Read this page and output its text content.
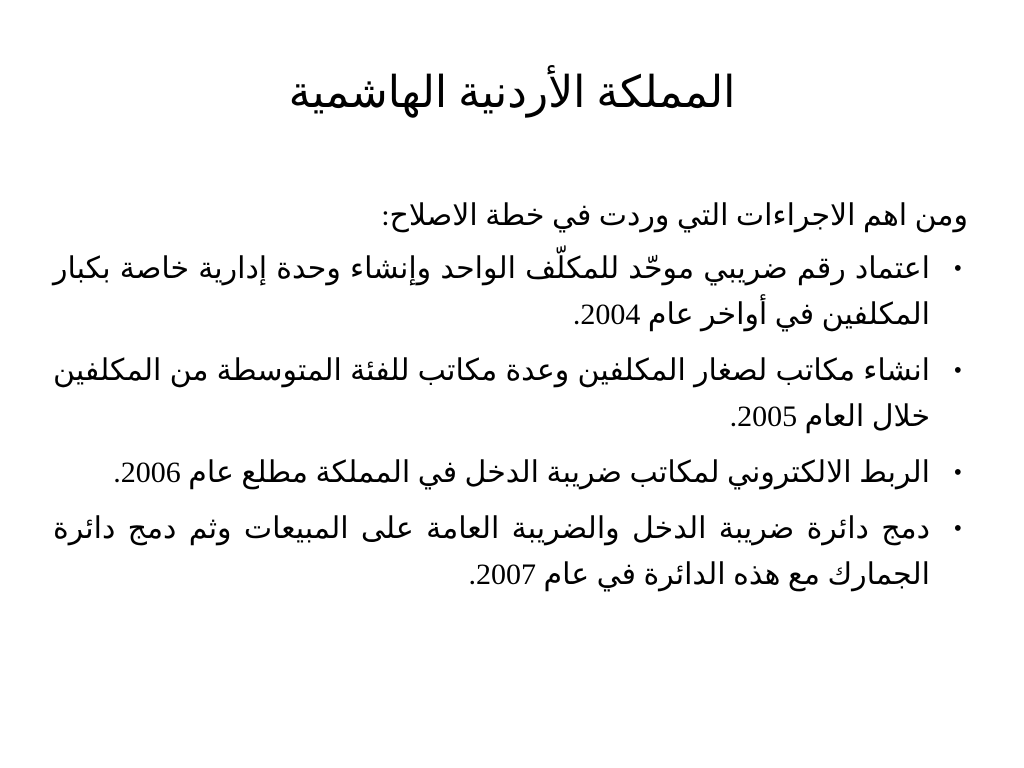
المملكة الأردنية الهاشمية

ومن اهم الاجراءات التي وردت في خطة الاصلاح:

•
اعتماد رقم ضريبي موحّد للمكلّف الواحد وإنشاء وحدة إدارية خاصة بكبار المكلفين في أواخر عام 2004.
•
انشاء مكاتب لصغار المكلفين وعدة مكاتب للفئة المتوسطة من المكلفين خلال العام 2005.
•
الربط الالكتروني لمكاتب ضريبة الدخل في المملكة مطلع عام 2006.
•
دمج دائرة ضريبة الدخل والضريبة العامة على المبيعات وثم دمج دائرة الجمارك مع هذه الدائرة في عام 2007.
